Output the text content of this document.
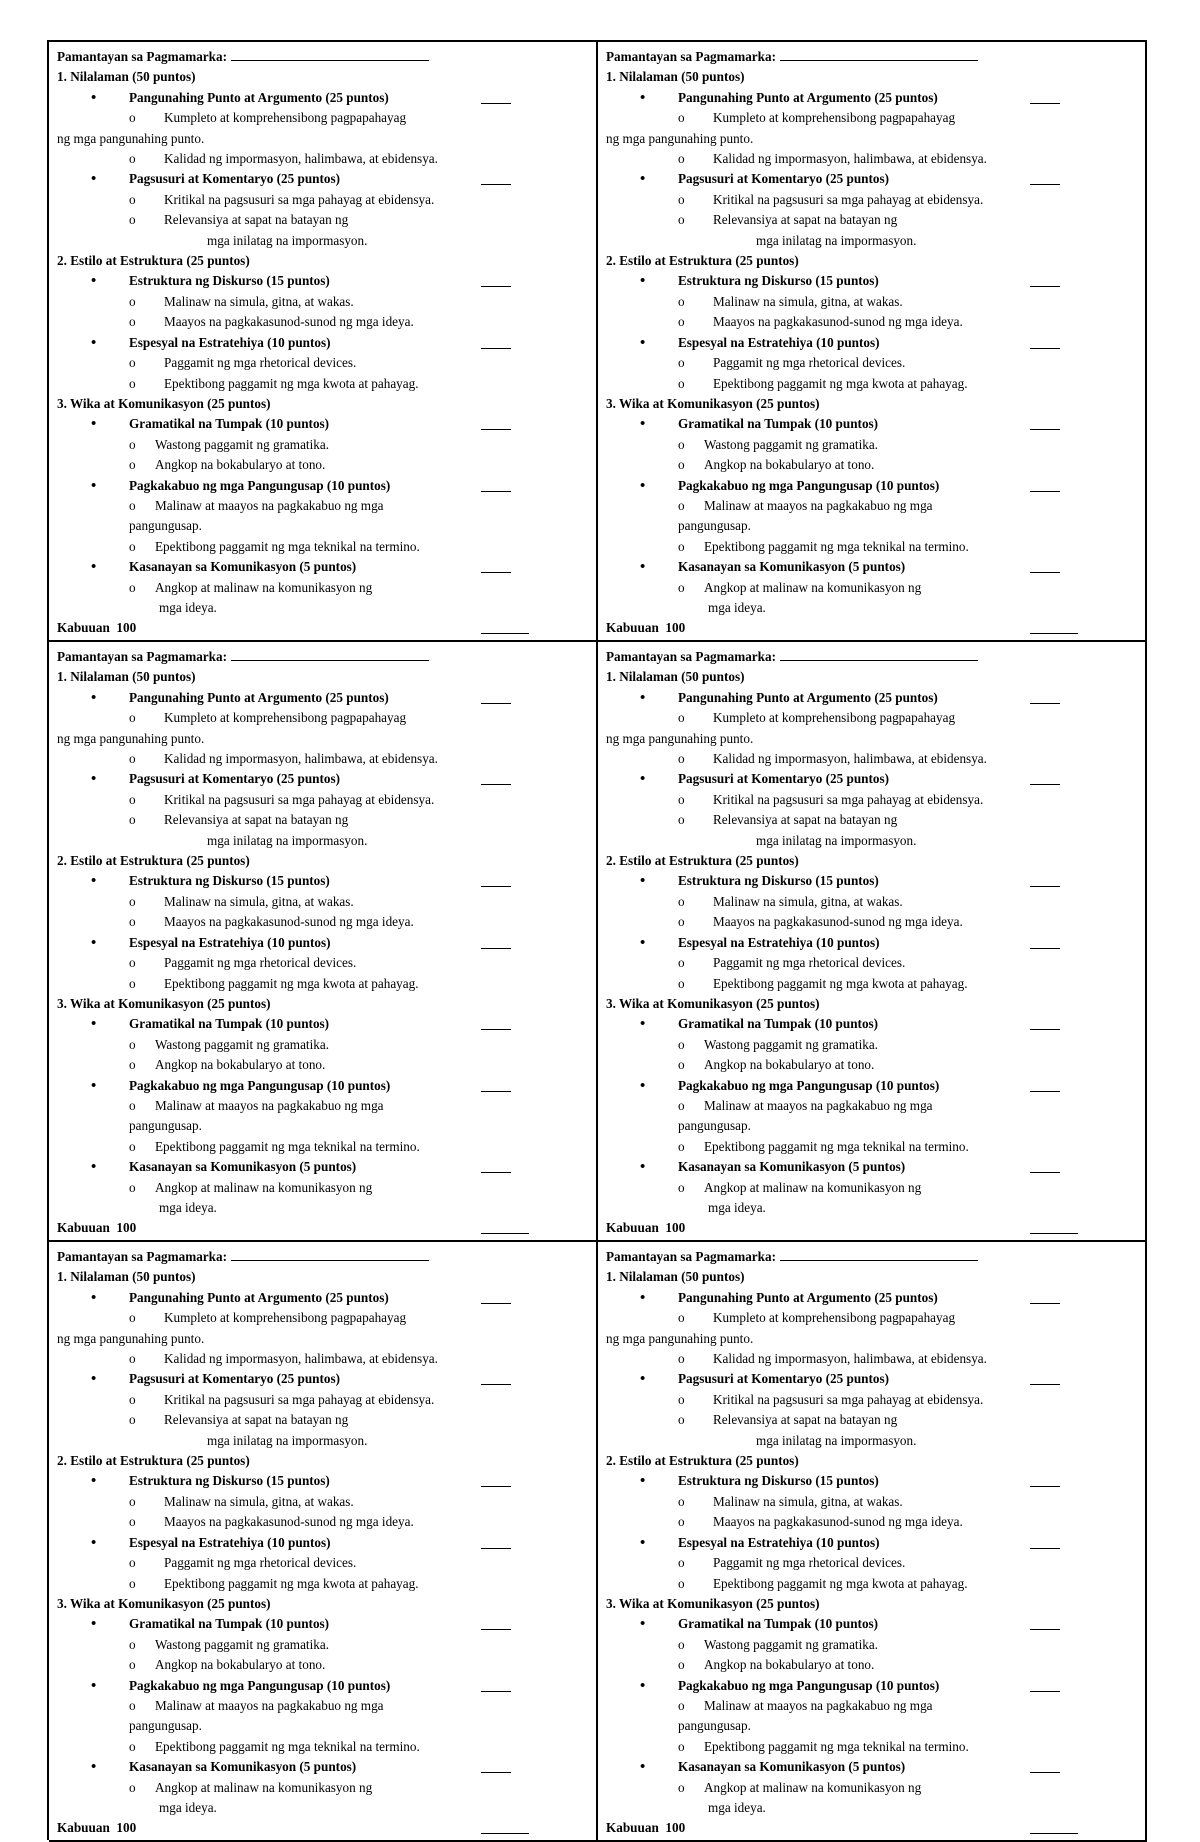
Pamantayan sa Pagmamarka:
1. Nilalaman (50 puntos)
• Pangunahing Punto at Argumento (25 puntos)
o Kumpleto at komprehensibong pagpapahayag
ng mga pangunahing punto.
o Kalidad ng impormasyon, halimbawa, at ebidensya.
• Pagsusuri at Komentaryo (25 puntos)
o Kritikal na pagsusuri sa mga pahayag at ebidensya.
o Relevansiya at sapat na batayan ng
mga inilatag na impormasyon.
2. Estilo at Estruktura (25 puntos)
• Estruktura ng Diskurso (15 puntos)
o Malinaw na simula, gitna, at wakas.
o Maayos na pagkakasunod-sunod ng mga ideya.
• Espesyal na Estratehiya (10 puntos)
o Paggamit ng mga rhetorical devices.
o Epektibong paggamit ng mga kwota at pahayag.
3. Wika at Komunikasyon (25 puntos)
• Gramatikal na Tumpak (10 puntos)
o Wastong paggamit ng gramatika.
o Angkop na bokabularyo at tono.
• Pagkakabuo ng mga Pangungusap (10 puntos)
o Malinaw at maayos na pagkakabuo ng mga
pangungusap.
o Epektibong paggamit ng mga teknikal na termino.
• Kasanayan sa Komunikasyon (5 puntos)
o Angkop at malinaw na komunikasyon ng
mga ideya.
Kabuuan 100
Pamantayan sa Pagmamarka:
1. Nilalaman (50 puntos)
• Pangunahing Punto at Argumento (25 puntos)
o Kumpleto at komprehensibong pagpapahayag
ng mga pangunahing punto.
o Kalidad ng impormasyon, halimbawa, at ebidensya.
• Pagsusuri at Komentaryo (25 puntos)
o Kritikal na pagsusuri sa mga pahayag at ebidensya.
o Relevansiya at sapat na batayan ng
mga inilatag na impormasyon.
2. Estilo at Estruktura (25 puntos)
• Estruktura ng Diskurso (15 puntos)
o Malinaw na simula, gitna, at wakas.
o Maayos na pagkakasunod-sunod ng mga ideya.
• Espesyal na Estratehiya (10 puntos)
o Paggamit ng mga rhetorical devices.
o Epektibong paggamit ng mga kwota at pahayag.
3. Wika at Komunikasyon (25 puntos)
• Gramatikal na Tumpak (10 puntos)
o Wastong paggamit ng gramatika.
o Angkop na bokabularyo at tono.
• Pagkakabuo ng mga Pangungusap (10 puntos)
o Malinaw at maayos na pagkakabuo ng mga
pangungusap.
o Epektibong paggamit ng mga teknikal na termino.
• Kasanayan sa Komunikasyon (5 puntos)
o Angkop at malinaw na komunikasyon ng
mga ideya.
Kabuuan 100
Pamantayan sa Pagmamarka:
1. Nilalaman (50 puntos)
• Pangunahing Punto at Argumento (25 puntos)
o Kumpleto at komprehensibong pagpapahayag
ng mga pangunahing punto.
o Kalidad ng impormasyon, halimbawa, at ebidensya.
• Pagsusuri at Komentaryo (25 puntos)
o Kritikal na pagsusuri sa mga pahayag at ebidensya.
o Relevansiya at sapat na batayan ng
mga inilatag na impormasyon.
2. Estilo at Estruktura (25 puntos)
• Estruktura ng Diskurso (15 puntos)
o Malinaw na simula, gitna, at wakas.
o Maayos na pagkakasunod-sunod ng mga ideya.
• Espesyal na Estratehiya (10 puntos)
o Paggamit ng mga rhetorical devices.
o Epektibong paggamit ng mga kwota at pahayag.
3. Wika at Komunikasyon (25 puntos)
• Gramatikal na Tumpak (10 puntos)
o Wastong paggamit ng gramatika.
o Angkop na bokabularyo at tono.
• Pagkakabuo ng mga Pangungusap (10 puntos)
o Malinaw at maayos na pagkakabuo ng mga
pangungusap.
o Epektibong paggamit ng mga teknikal na termino.
• Kasanayan sa Komunikasyon (5 puntos)
o Angkop at malinaw na komunikasyon ng
mga ideya.
Kabuuan 100
Pamantayan sa Pagmamarka:
1. Nilalaman (50 puntos)
• Pangunahing Punto at Argumento (25 puntos)
o Kumpleto at komprehensibong pagpapahayag
ng mga pangunahing punto.
o Kalidad ng impormasyon, halimbawa, at ebidensya.
• Pagsusuri at Komentaryo (25 puntos)
o Kritikal na pagsusuri sa mga pahayag at ebidensya.
o Relevansiya at sapat na batayan ng
mga inilatag na impormasyon.
2. Estilo at Estruktura (25 puntos)
• Estruktura ng Diskurso (15 puntos)
o Malinaw na simula, gitna, at wakas.
o Maayos na pagkakasunod-sunod ng mga ideya.
• Espesyal na Estratehiya (10 puntos)
o Paggamit ng mga rhetorical devices.
o Epektibong paggamit ng mga kwota at pahayag.
3. Wika at Komunikasyon (25 puntos)
• Gramatikal na Tumpak (10 puntos)
o Wastong paggamit ng gramatika.
o Angkop na bokabularyo at tono.
• Pagkakabuo ng mga Pangungusap (10 puntos)
o Malinaw at maayos na pagkakabuo ng mga
pangungusap.
o Epektibong paggamit ng mga teknikal na termino.
• Kasanayan sa Komunikasyon (5 puntos)
o Angkop at malinaw na komunikasyon ng
mga ideya.
Kabuuan 100
Pamantayan sa Pagmamarka:
1. Nilalaman (50 puntos)
• Pangunahing Punto at Argumento (25 puntos)
o Kumpleto at komprehensibong pagpapahayag
ng mga pangunahing punto.
o Kalidad ng impormasyon, halimbawa, at ebidensya.
• Pagsusuri at Komentaryo (25 puntos)
o Kritikal na pagsusuri sa mga pahayag at ebidensya.
o Relevansiya at sapat na batayan ng
mga inilatag na impormasyon.
2. Estilo at Estruktura (25 puntos)
• Estruktura ng Diskurso (15 puntos)
o Malinaw na simula, gitna, at wakas.
o Maayos na pagkakasunod-sunod ng mga ideya.
• Espesyal na Estratehiya (10 puntos)
o Paggamit ng mga rhetorical devices.
o Epektibong paggamit ng mga kwota at pahayag.
3. Wika at Komunikasyon (25 puntos)
• Gramatikal na Tumpak (10 puntos)
o Wastong paggamit ng gramatika.
o Angkop na bokabularyo at tono.
• Pagkakabuo ng mga Pangungusap (10 puntos)
o Malinaw at maayos na pagkakabuo ng mga
pangungusap.
o Epektibong paggamit ng mga teknikal na termino.
• Kasanayan sa Komunikasyon (5 puntos)
o Angkop at malinaw na komunikasyon ng
mga ideya.
Kabuuan 100
Pamantayan sa Pagmamarka:
1. Nilalaman (50 puntos)
• Pangunahing Punto at Argumento (25 puntos)
o Kumpleto at komprehensibong pagpapahayag
ng mga pangunahing punto.
o Kalidad ng impormasyon, halimbawa, at ebidensya.
• Pagsusuri at Komentaryo (25 puntos)
o Kritikal na pagsusuri sa mga pahayag at ebidensya.
o Relevansiya at sapat na batayan ng
mga inilatag na impormasyon.
2. Estilo at Estruktura (25 puntos)
• Estruktura ng Diskurso (15 puntos)
o Malinaw na simula, gitna, at wakas.
o Maayos na pagkakasunod-sunod ng mga ideya.
• Espesyal na Estratehiya (10 puntos)
o Paggamit ng mga rhetorical devices.
o Epektibong paggamit ng mga kwota at pahayag.
3. Wika at Komunikasyon (25 puntos)
• Gramatikal na Tumpak (10 puntos)
o Wastong paggamit ng gramatika.
o Angkop na bokabularyo at tono.
• Pagkakabuo ng mga Pangungusap (10 puntos)
o Malinaw at maayos na pagkakabuo ng mga
pangungusap.
o Epektibong paggamit ng mga teknikal na termino.
• Kasanayan sa Komunikasyon (5 puntos)
o Angkop at malinaw na komunikasyon ng
mga ideya.
Kabuuan 100
